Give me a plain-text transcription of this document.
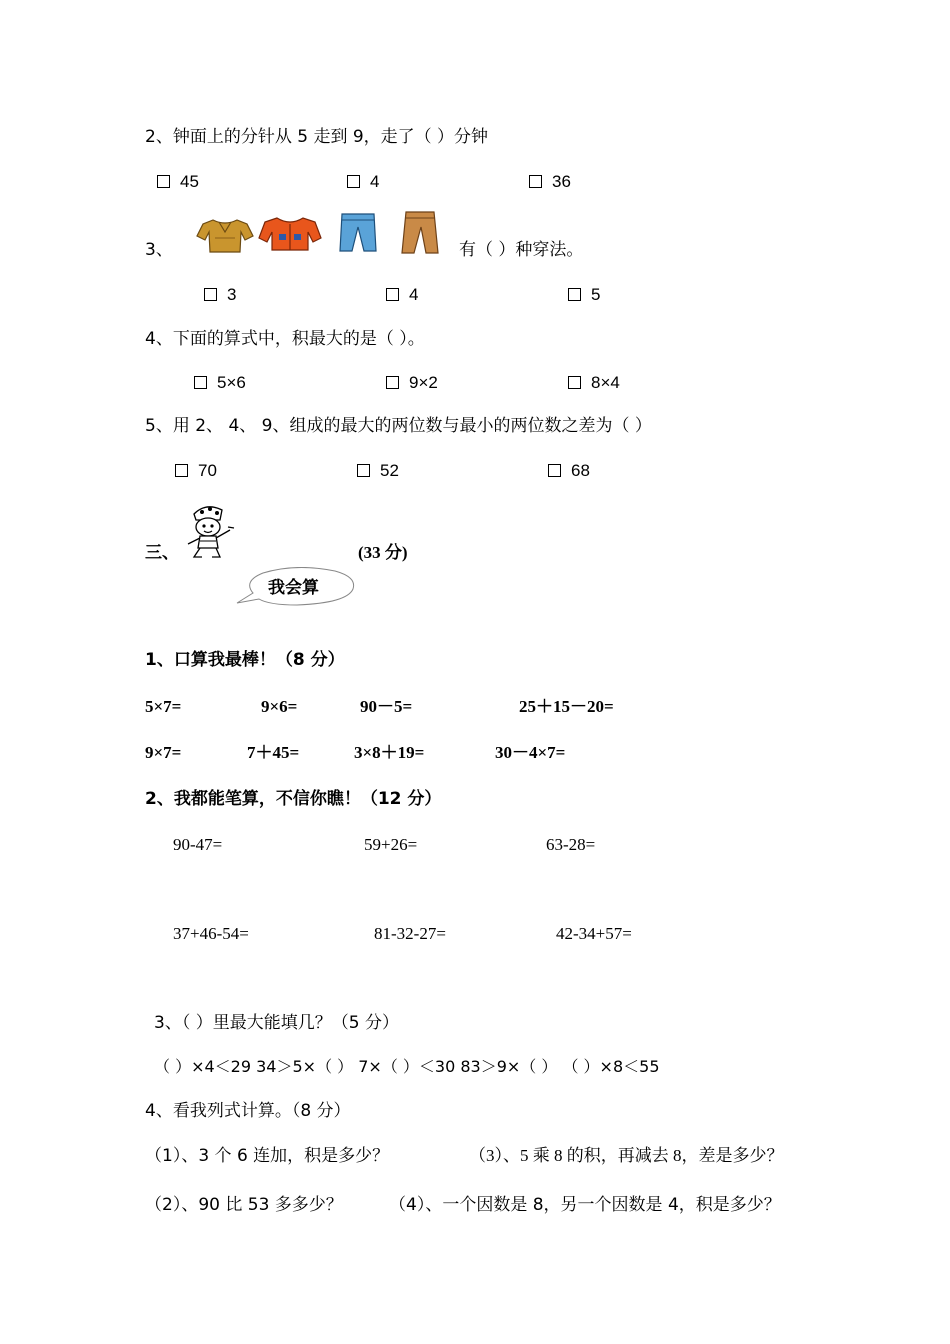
2、钟面上的分针从 5 走到 9，走了（ ）分钟
45	4	36
3、	有（ ）种穿法。
3	4	5
4、下面的算式中，积最大的是（ ）。
5×6	9×2	8×4
5、用 2、 4、 9、组成的最大的两位数与最小的两位数之差为（ ）
70	52	68
三、	(33 分)
我会算
1、口算我最棒！（8 分）
5×7=	9×6=	90－5=	25＋15－20=
9×7=	7＋45=	3×8＋19=	30－4×7=
2、我都能笔算，不信你瞧！（12 分）
90-47=	59+26=	63-28=
37+46-54=	81-32-27=	42-34+57=
3、（ ）里最大能填几？（5 分）
（ ）×4＜29 34＞5×（ ） 7×（ ）＜30 83＞9×（ ） （ ）×8＜55
4、看我列式计算。（8 分）
（1）、3 个 6 连加，积是多少？	（3）、5 乘 8 的积，再减去 8，差是多少？
（2）、90 比 53 多多少？	（4）、一个因数是 8，另一个因数是 4，积是多少？
